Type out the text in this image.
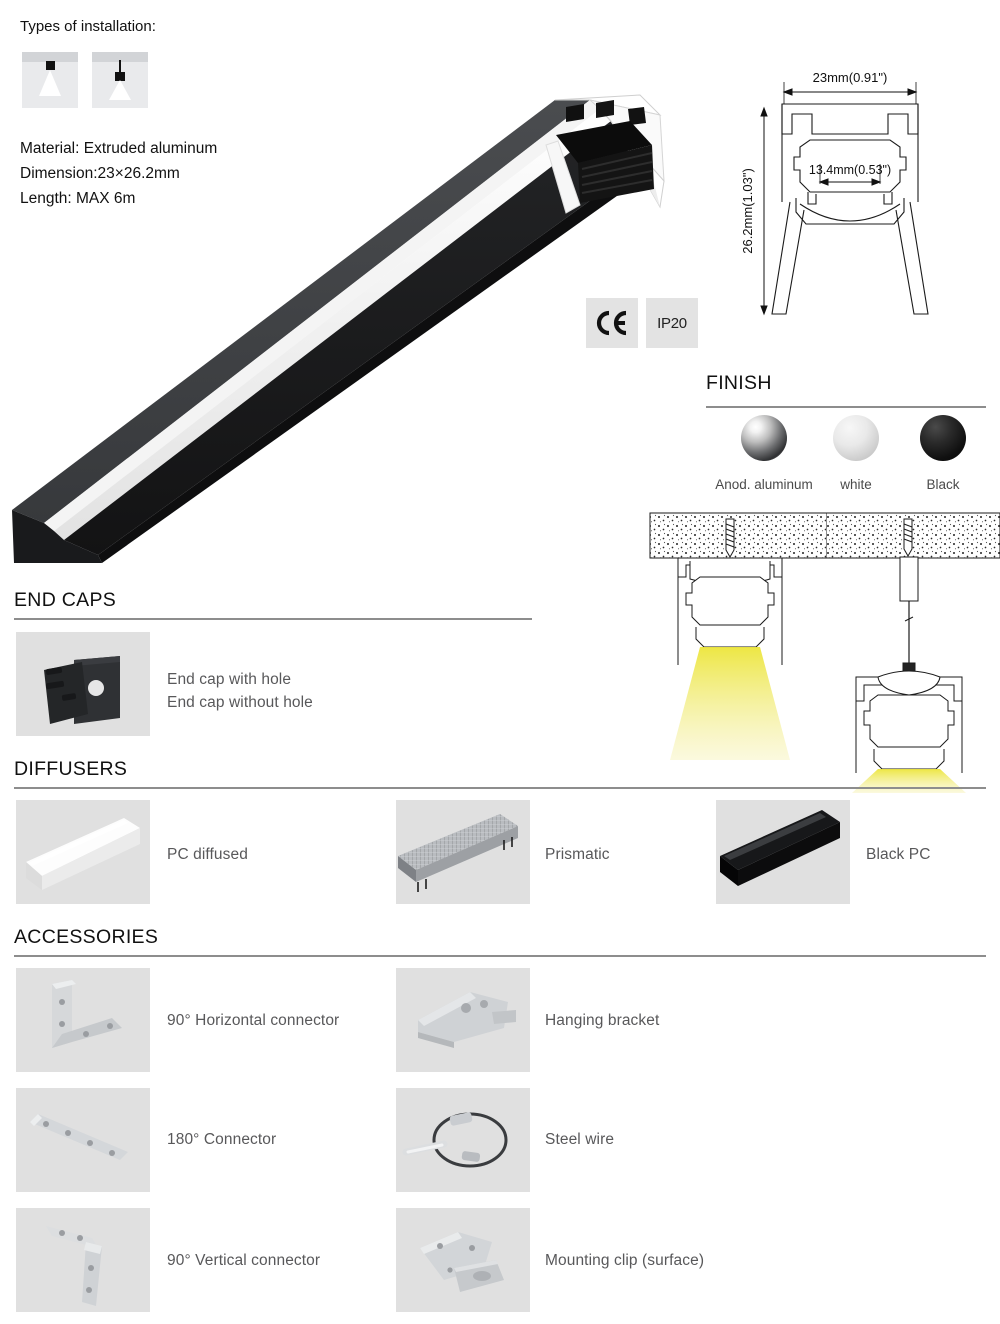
Types of installation:
Material: Extruded aluminum
Dimension:23×26.2mm
Length: MAX 6m
IP20
23mm(0.91")
26.2mm(1.03")	13.4mm(0.53")
FINISH
Anod. aluminum	white	Black
END CAPS
End cap with hole
End cap without hole
DIFFUSERS
PC diffused	Prismatic	Black PC
ACCESSORIES
90° Horizontal connector	Hanging bracket
180° Connector	Steel wire
90° Vertical connector	Mounting clip (surface)
